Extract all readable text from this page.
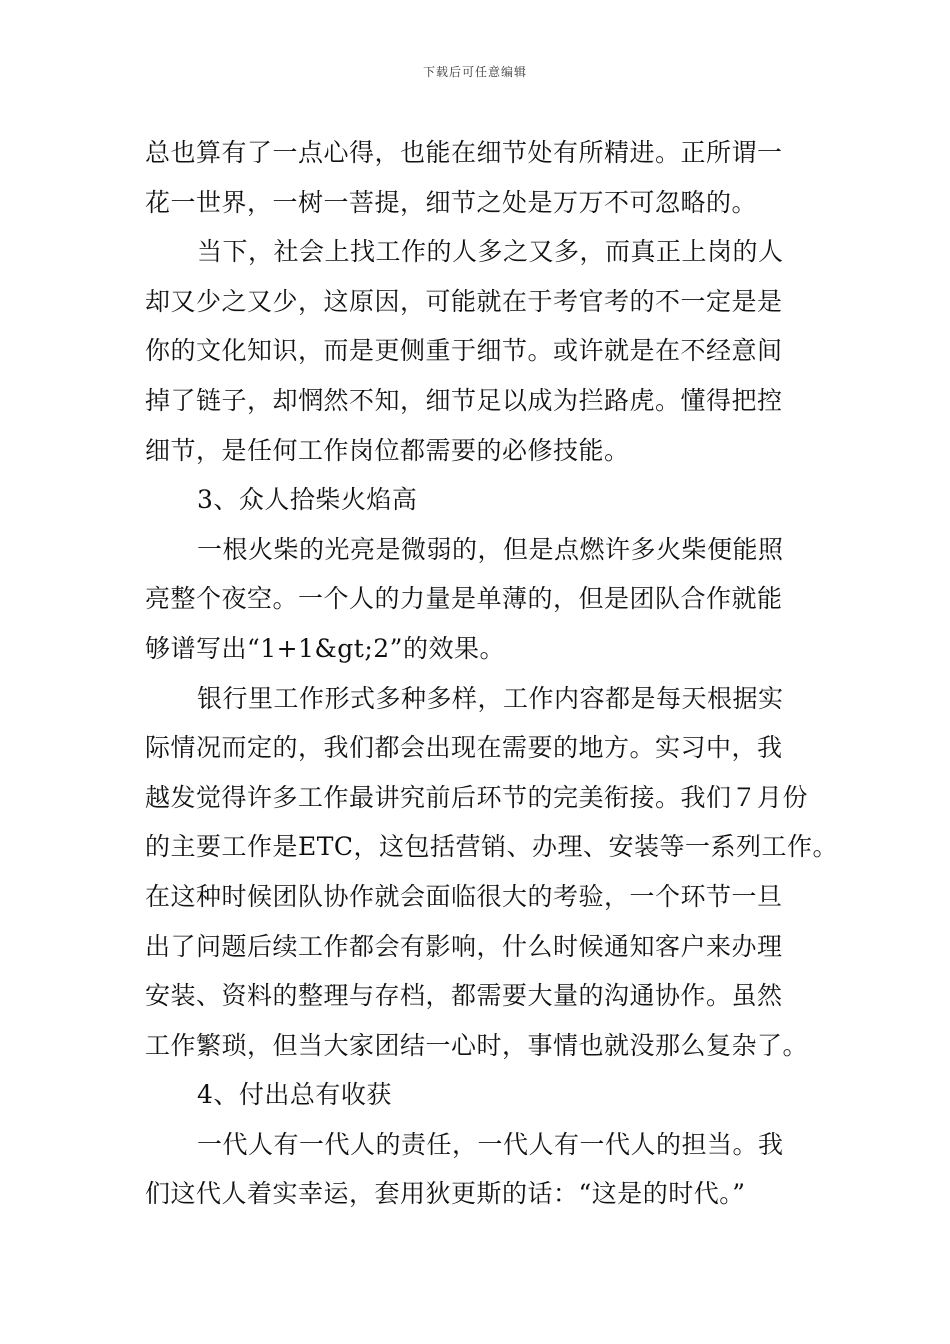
下载后可任意编辑
总也算有了一点心得，也能在细节处有所精进。正所谓一
花一世界，一树一菩提，细节之处是万万不可忽略的。
当下，社会上找工作的人多之又多，而真正上岗的人
却又少之又少，这原因，可能就在于考官考的不一定是是
你的文化知识，而是更侧重于细节。或许就是在不经意间
掉了链子，却惘然不知，细节足以成为拦路虎。懂得把控
细节，是任何工作岗位都需要的必修技能。
3、众人拾柴火焰高
一根火柴的光亮是微弱的，但是点燃许多火柴便能照
亮整个夜空。一个人的力量是单薄的，但是团队合作就能
够谱写出“1+1&gt;2”的效果。
银行里工作形式多种多样，工作内容都是每天根据实
际情况而定的，我们都会出现在需要的地方。实习中，我
越发觉得许多工作最讲究前后环节的完美衔接。我们７月份
的主要工作是ETC，这包括营销、办理、安装等一系列工作。
在这种时候团队协作就会面临很大的考验，一个环节一旦
出了问题后续工作都会有影响，什么时候通知客户来办理
安装、资料的整理与存档，都需要大量的沟通协作。虽然
工作繁琐，但当大家团结一心时，事情也就没那么复杂了。
4、付出总有收获
一代人有一代人的责任，一代人有一代人的担当。我
们这代人着实幸运，套用狄更斯的话：“这是的时代。”
